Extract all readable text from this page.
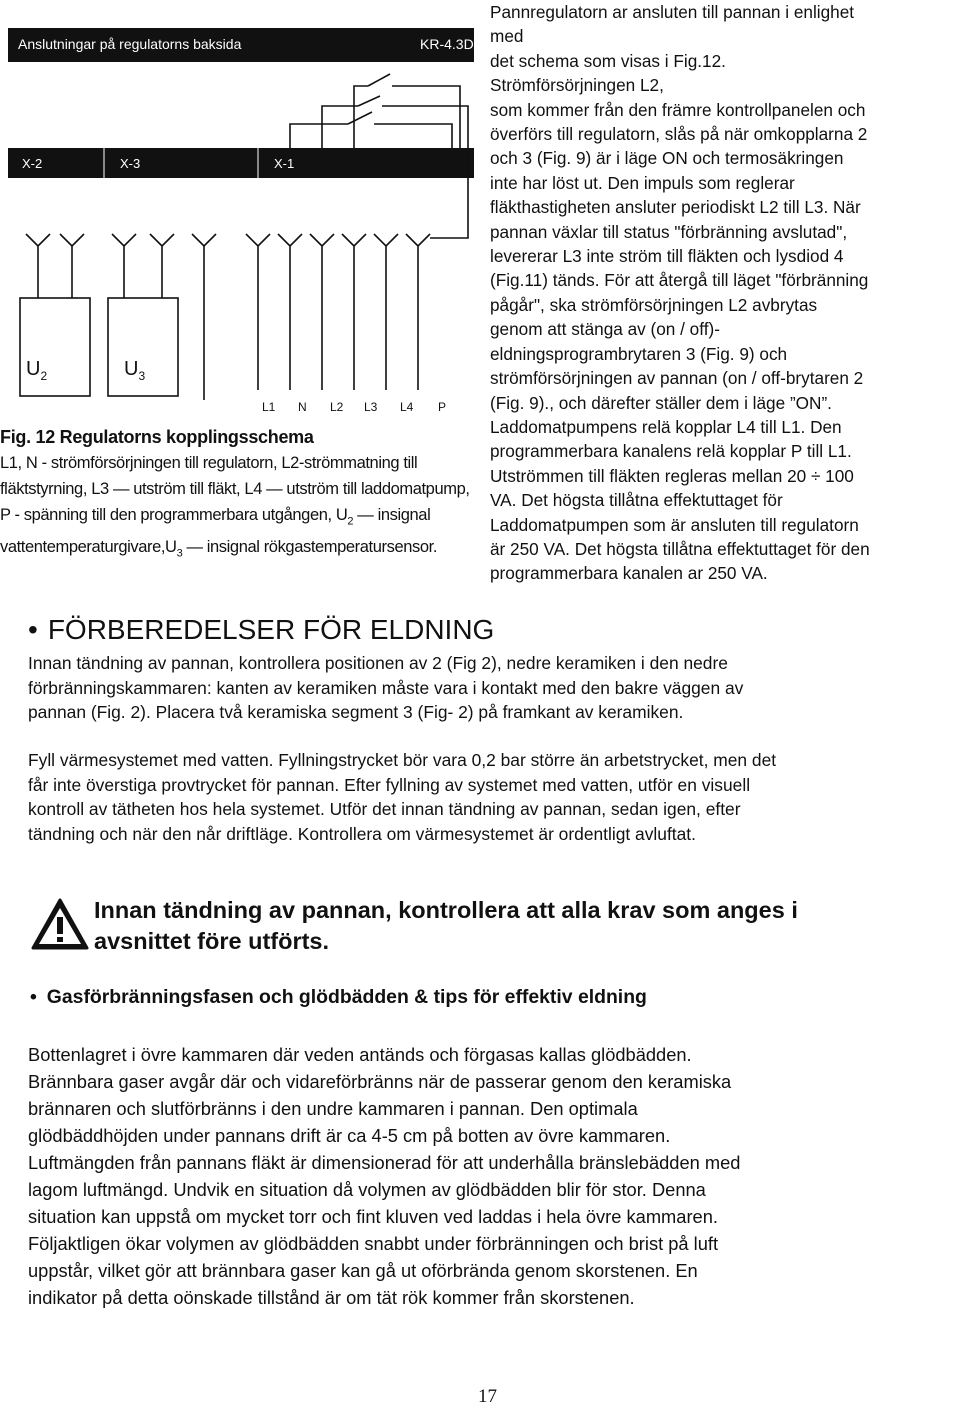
Anslutningar på regulatorns baksida	KR-4.3D
X-2	X-3	X-1
$U_2$	$U_3$
L1 N L2 L3 L4 P
Fig. 12 Regulatorns kopplingsschema
L1, N - strömförsörjningen till regulatorn, L2-strömmatning till
fläktstyrning, L3 — utström till fläkt, L4 — utström till laddomatpump,
P - spänning till den programmerbara utgången, $U_2$ — insignal
$vattentemperaturgivare,U_3$ — insignal rökgastemperatursensor.
Pannregulatorn ar ansluten till pannan i enlighet
med
det schema som visas i Fig.12.
Strömförsörjningen L2,
som kommer från den främre kontrollpanelen och
överförs till regulatorn, slås på när omkopplarna 2
och 3 (Fig. 9) är i läge ON och termosäkringen
inte har löst ut. Den impuls som reglerar
fläkthastigheten ansluter periodiskt L2 till L3. När
pannan växlar till status "förbränning avslutad",
levererar L3 inte ström till fläkten och lysdiod 4
(Fig.11) tänds. För att återgå till läget "förbränning
pågår", ska strömförsörjningen L2 avbrytas
genom att stänga av (on / off)-
eldningsprogrambrytaren 3 (Fig. 9) och
strömförsörjningen av pannan (on / off-brytaren 2
(Fig. 9)., och därefter ställer dem i läge ”ON”.
Laddomatpumpens relä kopplar L4 till L1. Den
programmerbara kanalens relä kopplar P till L1.
Utströmmen till fläkten regleras mellan 20 ÷ 100
VA. Det högsta tillåtna effektuttaget för
Laddomatpumpen som är ansluten till regulatorn
är 250 VA. Det högsta tillåtna effektuttaget för den
programmerbara kanalen ar 250 VA.
• FÖRBEREDELSER FÖR ELDNING
Innan tändning av pannan, kontrollera positionen av 2 (Fig 2), nedre keramiken i den nedre
förbränningskammaren: kanten av keramiken måste vara i kontakt med den bakre väggen av
pannan (Fig. 2). Placera två keramiska segment 3 (Fig- 2) på framkant av keramiken.
Fyll värmesystemet med vatten. Fyllningstrycket bör vara 0,2 bar större än arbetstrycket, men det
får inte överstiga provtrycket för pannan. Efter fyllning av systemet med vatten, utför en visuell
kontroll av tätheten hos hela systemet. Utför det innan tändning av pannan, sedan igen, efter
tändning och när den når driftläge. Kontrollera om värmesystemet är ordentligt avluftat.
Innan tändning av pannan, kontrollera att alla krav som anges i
avsnittet före utförts.
• Gasförbränningsfasen och glödbädden & tips för effektiv eldning
Bottenlagret i övre kammaren där veden antänds och förgasas kallas glödbädden.
Brännbara gaser avgår där och vidareförbränns när de passerar genom den keramiska
brännaren och slutförbränns i den undre kammaren i pannan. Den optimala
glödbäddhöjden under pannans drift är ca 4-5 cm på botten av övre kammaren.
Luftmängden från pannans fläkt är dimensionerad för att underhålla bränslebädden med
lagom luftmängd. Undvik en situation då volymen av glödbädden blir för stor. Denna
situation kan uppstå om mycket torr och fint kluven ved laddas i hela övre kammaren.
Följaktligen ökar volymen av glödbädden snabbt under förbränningen och brist på luft
uppstår, vilket gör att brännbara gaser kan gå ut oförbrända genom skorstenen. En
indikator på detta oönskade tillstånd är om tät rök kommer från skorstenen.
17
